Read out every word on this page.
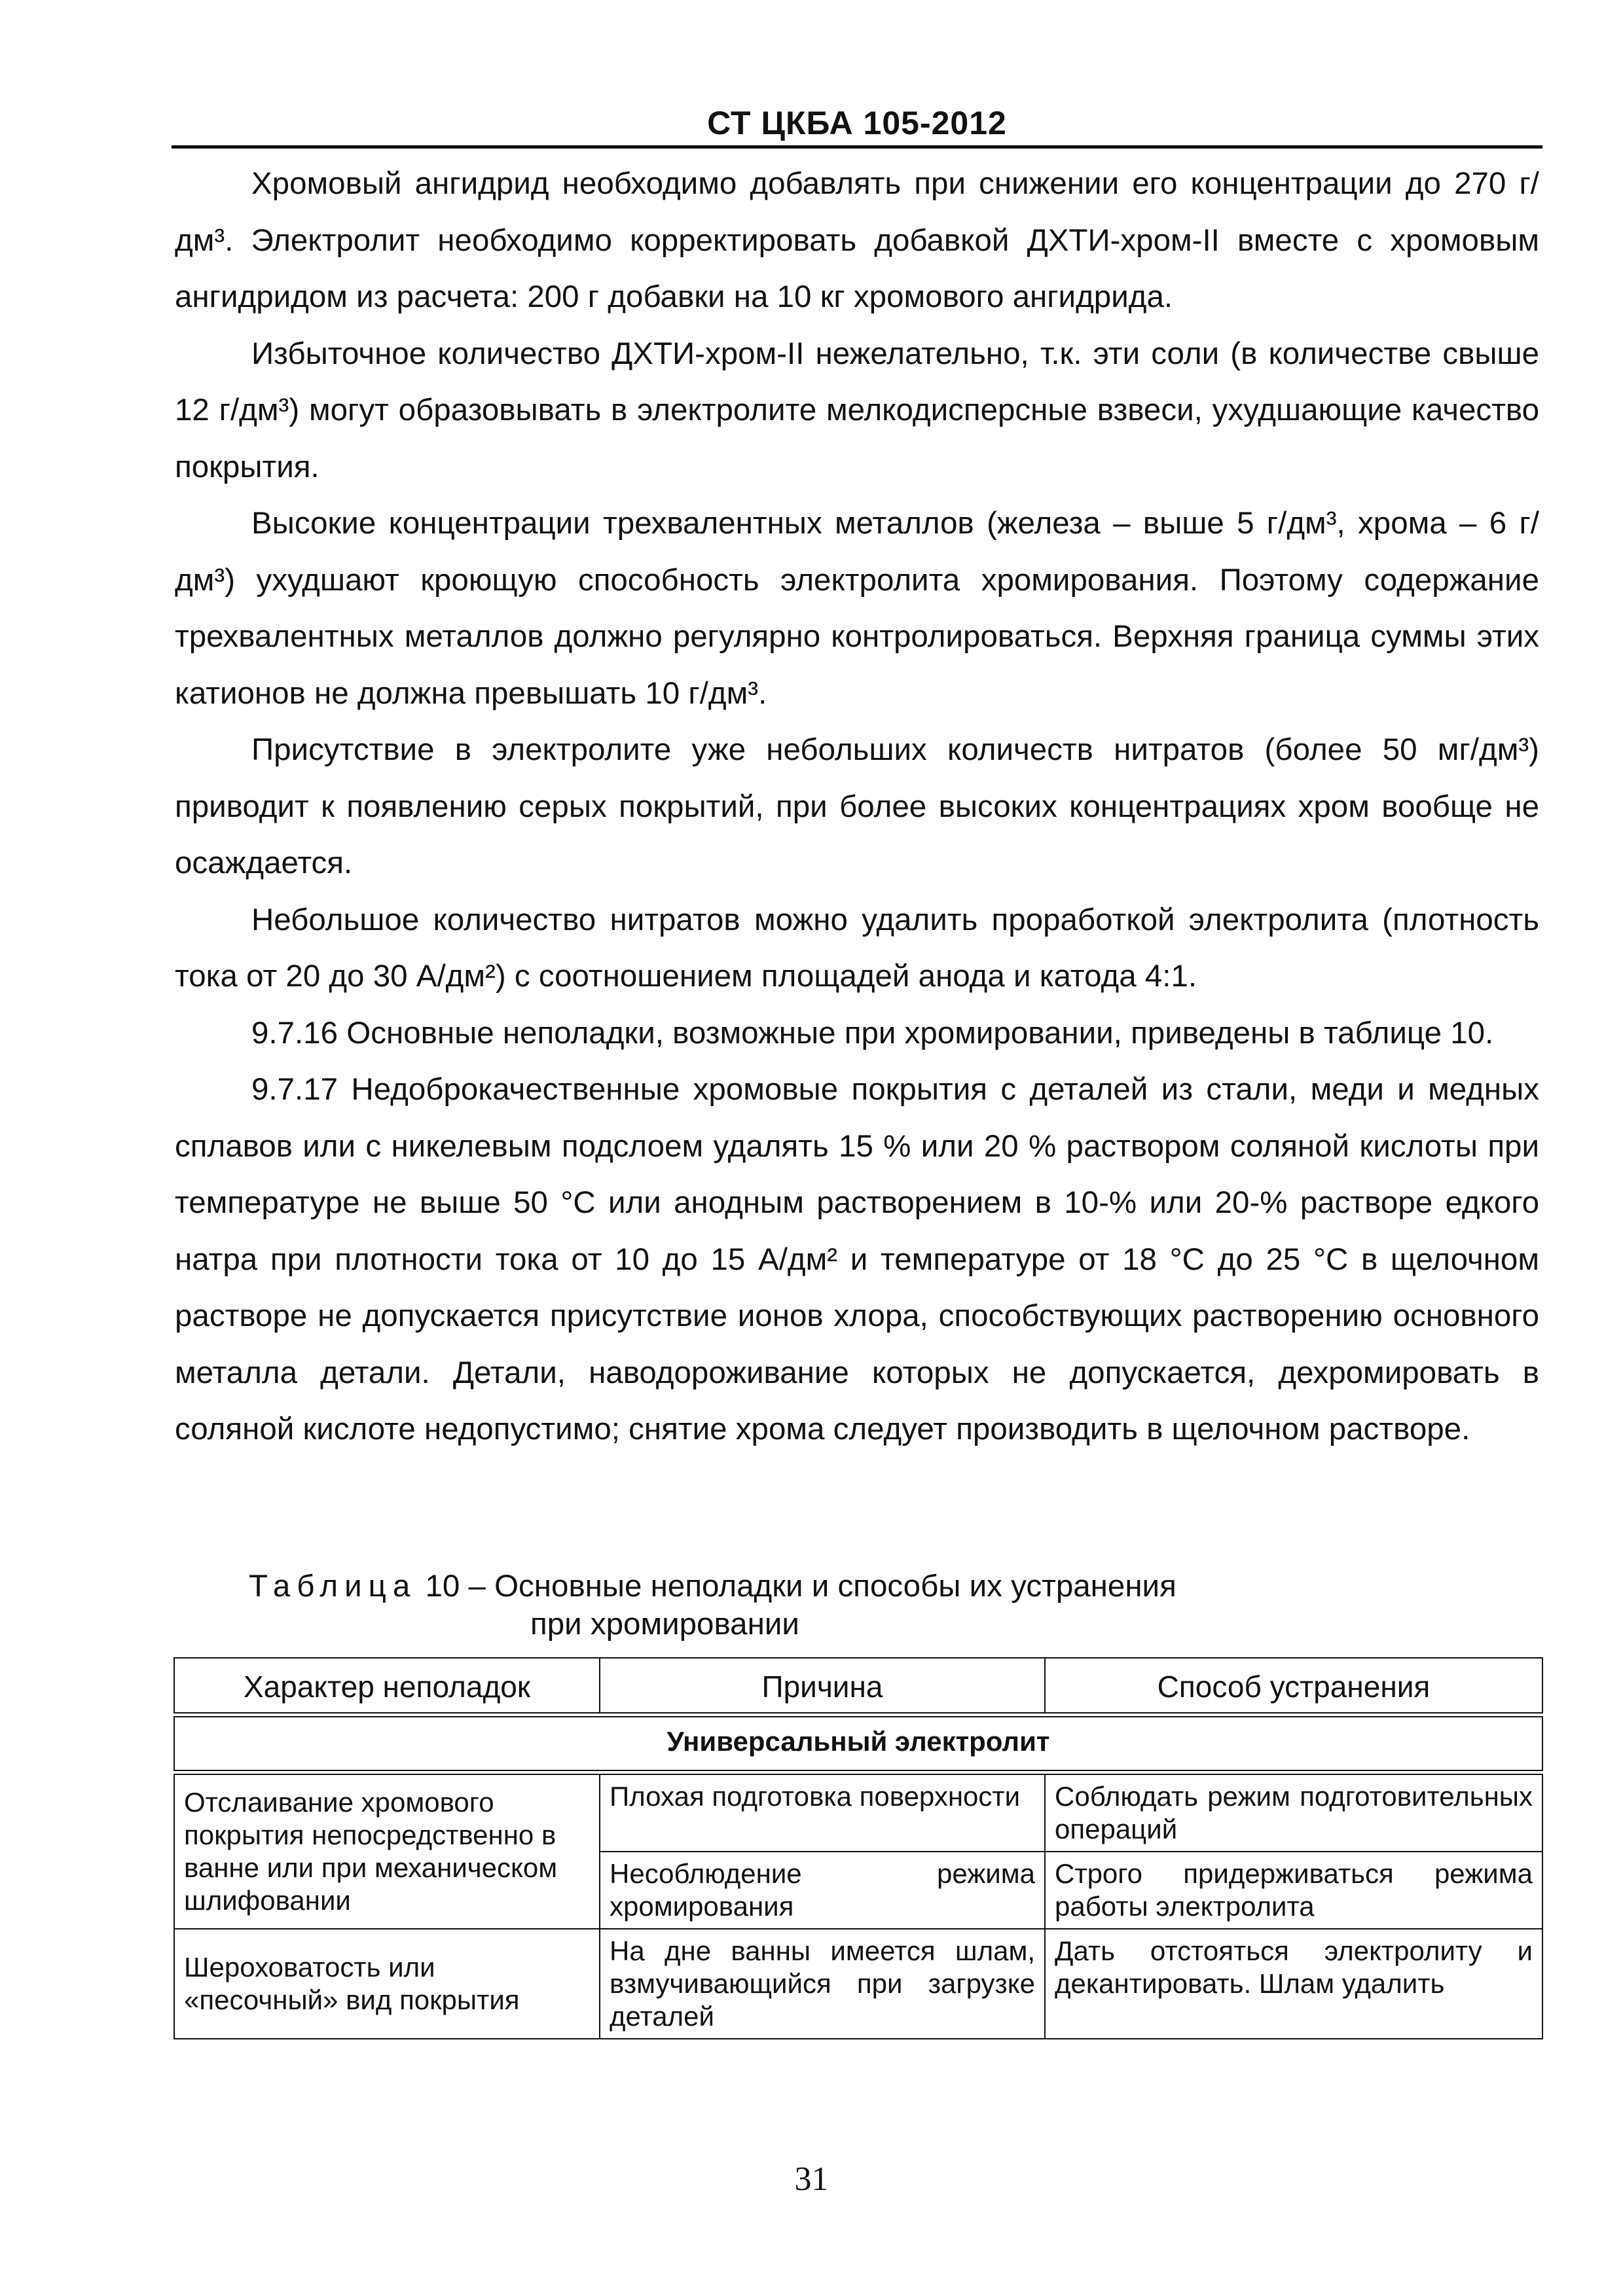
СТ ЦКБА 105-2012

Хромовый ангидрид необходимо добавлять при снижении его концентрации до 270 г/дм³. Электролит необходимо корректировать добавкой ДХТИ-хром-II вместе с хромовым ангидридом из расчета: 200 г добавки на 10 кг хромового ангидрида.

Избыточное количество ДХТИ-хром-II нежелательно, т.к. эти соли (в количестве свыше 12 г/дм³) могут образовывать в электролите мелкодисперсные взвеси, ухудшающие качество покрытия.

Высокие концентрации трехвалентных металлов (железа – выше 5 г/дм³, хрома – 6 г/дм³) ухудшают кроющую способность электролита хромирования. Поэтому содержание трехвалентных металлов должно регулярно контролироваться. Верхняя граница суммы этих катионов не должна превышать 10 г/дм³.

Присутствие в электролите уже небольших количеств нитратов (более 50 мг/дм³) приводит к появлению серых покрытий, при более высоких концентрациях хром вообще не осаждается.

Небольшое количество нитратов можно удалить проработкой электролита (плотность тока от 20 до 30 А/дм²) с соотношением площадей анода и катода 4:1.

9.7.16 Основные неполадки, возможные при хромировании, приведены в таблице 10.

9.7.17 Недоброкачественные хромовые покрытия с деталей из стали, меди и медных сплавов или с никелевым подслоем удалять 15 % или 20 % раствором соляной кислоты при температуре не выше 50 °С или анодным растворением в 10-% или 20-% растворе едкого натра при плотности тока от 10 до 15 А/дм² и температуре от 18 °С до 25 °С в щелочном растворе не допускается присутствие ионов хлора, способствующих растворению основного металла детали. Детали, наводороживание которых не допускается, дехромировать в соляной кислоте недопустимо; снятие хрома следует производить в щелочном растворе.

Таблица 10 – Основные неполадки и способы их устранения
при хромировании
Характер неполадок	Причина	Способ устранения

Универсальный электролит		

Отслаивание хромового покрытия непосредственно в ванне или при механическом шлифовании	Плохая подготовка поверхности	Соблюдать режим подготовительных операций
	Несоблюдение режима хромирования	Строго придерживаться режима работы электролита
Шероховатость или «песочный» вид покрытия	На дне ванны имеется шлам, взмучивающийся при загрузке деталей	Дать отстояться электролиту и декантировать. Шлам удалить
31
